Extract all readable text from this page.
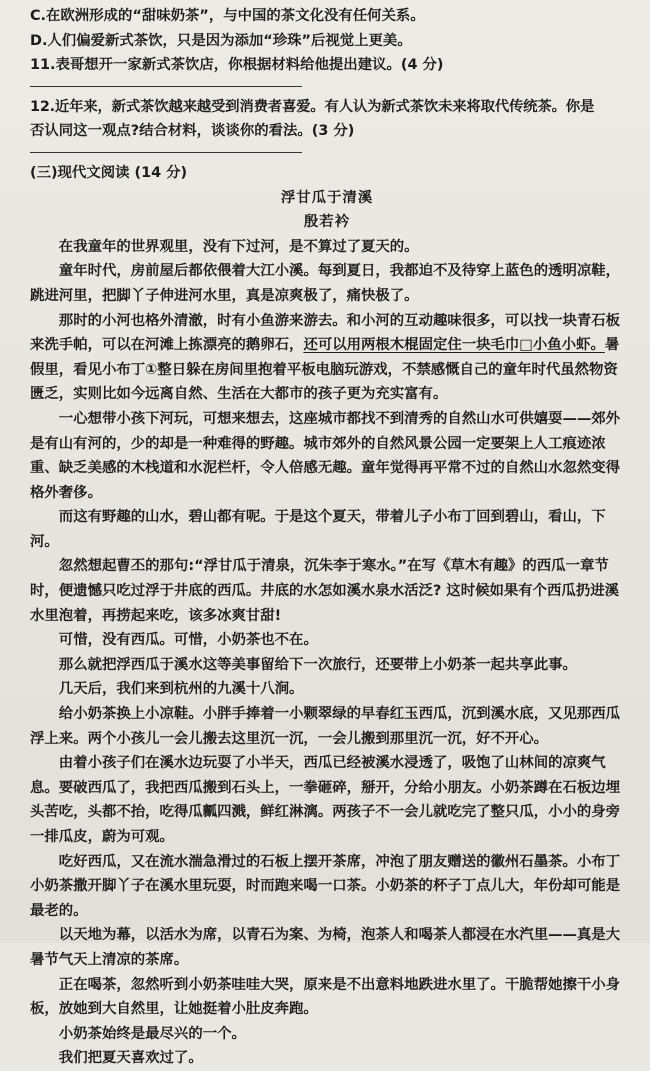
C.在欧洲形成的“甜味奶茶”，与中国的茶文化没有任何关系。
D.人们偏爱新式茶饮，只是因为添加“珍珠”后视觉上更美。
11.表哥想开一家新式茶饮店，你根据材料给他提出建议。(4 分)
12.近年来，新式茶饮越来越受到消费者喜爱。有人认为新式茶饮未来将取代传统茶。你是
否认同这一观点?结合材料，谈谈你的看法。(3 分)
(三)现代文阅读 (14 分)
浮甘瓜于清溪
殷若衿

在我童年的世界观里，没有下过河，是不算过了夏天的。

童年时代，房前屋后都依偎着大江小溪。每到夏日，我都迫不及待穿上蓝色的透明凉鞋，跳进河里，把脚丫子伸进河水里，真是凉爽极了，痛快极了。

那时的小河也格外清澈，时有小鱼游来游去。和小河的互动趣味很多，可以找一块青石板来洗手帕，可以在河滩上拣漂亮的鹅卵石，还可以用两根木棍固定住一块毛巾□小鱼小虾。暑假里，看见小布丁①整日躲在房间里抱着平板电脑玩游戏，不禁感慨自己的童年时代虽然物资匮乏，实则比如今远离自然、生活在大都市的孩子更为充实富有。

一心想带小孩下河玩，可想来想去，这座城市都找不到清秀的自然山水可供嬉耍——郊外是有山有河的，少的却是一种难得的野趣。城市郊外的自然风景公园一定要架上人工痕迹浓重、缺乏美感的木栈道和水泥栏杆，令人倍感无趣。童年觉得再平常不过的自然山水忽然变得格外奢侈。

而这有野趣的山水，碧山都有呢。于是这个夏天，带着儿子小布丁回到碧山，看山，下河。

忽然想起曹丕的那句:“浮甘瓜于清泉，沉朱李于寒水。”在写《草木有趣》的西瓜一章节时，便遗憾只吃过浮于井底的西瓜。井底的水怎如溪水泉水活泛? 这时候如果有个西瓜扔进溪水里泡着，再捞起来吃，该多冰爽甘甜!

可惜，没有西瓜。可惜，小奶茶也不在。

那么就把浮西瓜于溪水这等美事留给下一次旅行，还要带上小奶茶一起共享此事。

几天后，我们来到杭州的九溪十八涧。

给小奶茶换上小凉鞋。小胖手捧着一小颗翠绿的早春红玉西瓜，沉到溪水底，又见那西瓜浮上来。两个小孩儿一会儿搬去这里沉一沉，一会儿搬到那里沉一沉，好不开心。

由着小孩子们在溪水边玩耍了小半天，西瓜已经被溪水浸透了，吸饱了山林间的凉爽气息。要破西瓜了，我把西瓜搬到石头上，一拳砸碎，掰开，分给小朋友。小奶茶蹲在石板边埋头苦吃，头都不抬，吃得瓜瓤四溅，鲜红淋漓。两孩子不一会儿就吃完了整只瓜，小小的身旁一排瓜皮，蔚为可观。

吃好西瓜，又在流水湍急滑过的石板上摆开茶席，冲泡了朋友赠送的徽州石墨茶。小布丁小奶茶撒开脚丫子在溪水里玩耍，时而跑来喝一口茶。小奶茶的杯子丁点儿大，年份却可能是最老的。

以天地为幕，以活水为席，以青石为案、为椅，泡茶人和喝茶人都浸在水汽里——真是大暑节气天上清凉的茶席。

正在喝茶，忽然听到小奶茶哇哇大哭，原来是不出意料地跌进水里了。干脆帮她擦干小身板，放她到大自然里，让她挺着小肚皮奔跑。

小奶茶始终是最尽兴的一个。

我们把夏天喜欢过了。
